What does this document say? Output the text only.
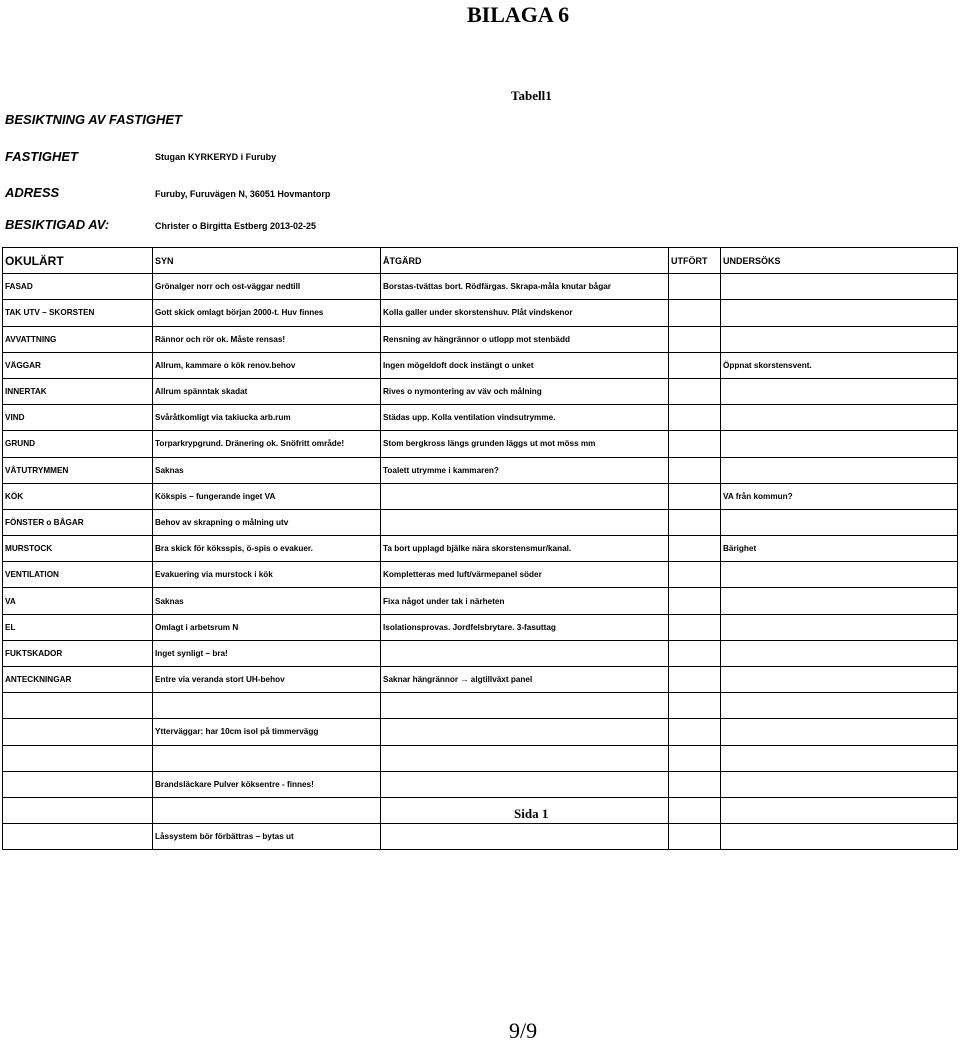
BILAGA 6
Tabell1
BESIKTNING AV FASTIGHET
FASTIGHET	Stugan KYRKERYD i Furuby
ADRESS	Furuby, Furuvägen N, 36051 Hovmantorp
BESIKTIGAD AV:	Christer o Birgitta Estberg 2013-02-25
OKULÄRT	SYN	ÅTGÄRD	UTFÖRT	UNDERSÖKS
FASAD	Grönalger norr och ost-väggar nedtill	Borstas-tvättas bort. Rödfärgas. Skrapa-måla knutar bågar		
TAK UTV – SKORSTEN	Gott skick omlagt början 2000-t. Huv finnes	Kolla galler under skorstenshuv. Plåt vindskenor		
AVVATTNING	Rännor och rör ok. Måste rensas!	Rensning av hängrännor o utlopp mot stenbädd		
VÄGGAR	Allrum, kammare o kök renov.behov	Ingen mögeldoft dock instängt o unket		Öppnat skorstensvent.
INNERTAK	Allrum spänntak skadat	Rives o nymontering av väv och målning		
VIND	Svåråtkomligt via takiucka arb.rum	Städas upp. Kolla ventilation vindsutrymme.		
GRUND	Torparkrypgrund. Dränering ok. Snöfritt område!	Stom bergkross längs grunden läggs ut mot möss mm		
VÅTUTRYMMEN	Saknas	Toalett utrymme i kammaren?		
KÖK	Kökspis – fungerande inget VA			VA från kommun?
FÖNSTER o BÅGAR	Behov av skrapning o målning utv			
MURSTOCK	Bra skick för köksspis, ö-spis o evakuer.	Ta bort upplagd bjälke nära skorstensmur/kanal.		Bärighet
VENTILATION	Evakuering via murstock i kök	Kompletteras med luft/värmepanel söder		
VA	Saknas	Fixa något under tak i närheten		
EL	Omlagt i arbetsrum N	Isolationsprovas. Jordfelsbrytare. 3-fasuttag		
FUKTSKADOR	Inget synligt – bra!			
ANTECKNINGAR	Entre via veranda stort UH-behov	Saknar hängrännor → algtillväxt panel		

	Ytterväggar: har 10cm isol på timmervägg			

	Brandsläckare Pulver köksentre - finnes!			

	Låssystem bör förbättras – bytas ut			
Sida 1
9/9
